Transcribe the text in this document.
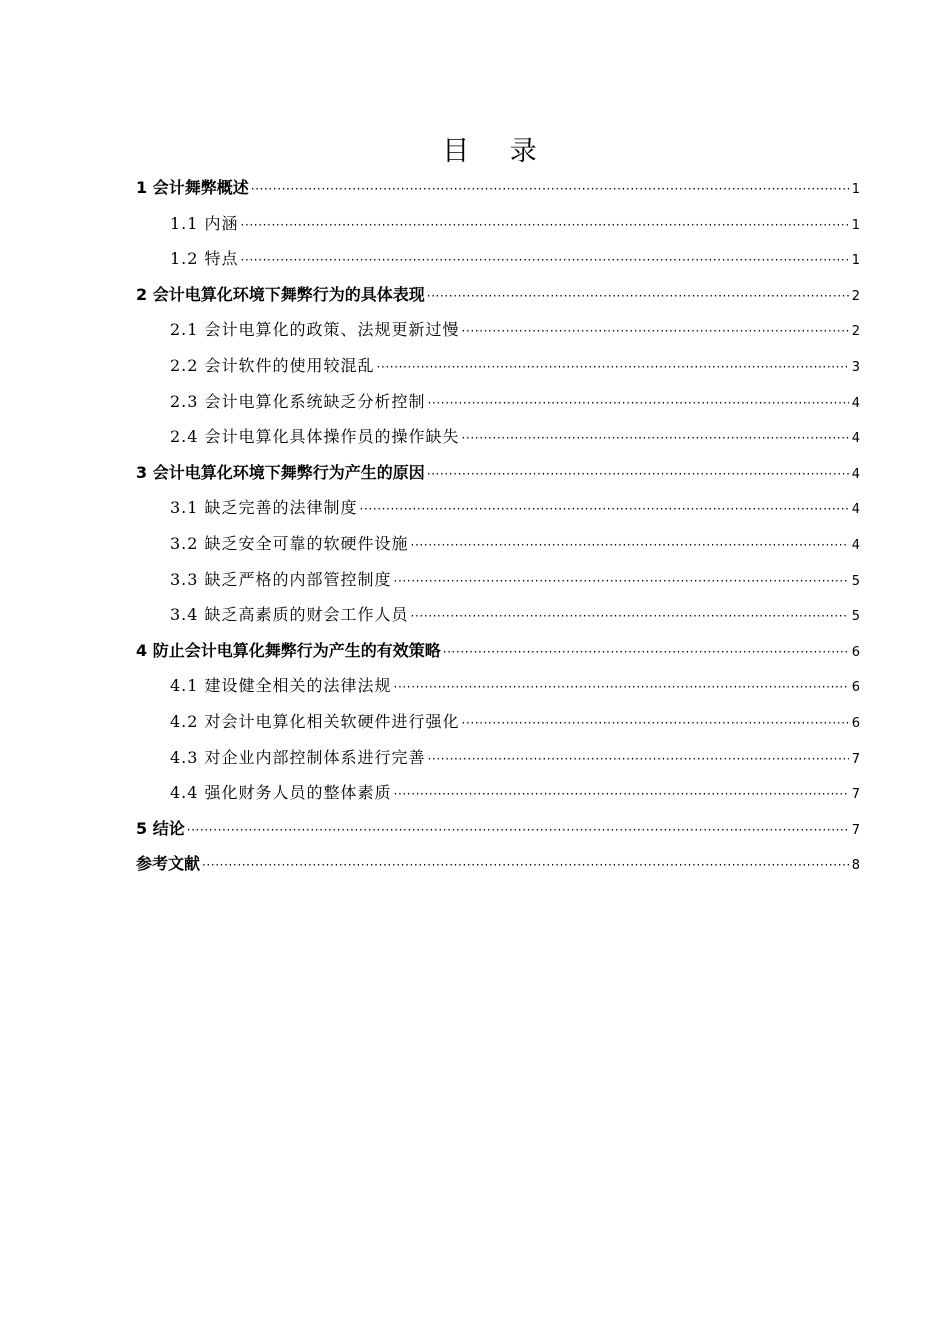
目 录
1 会计舞弊概述 ·····	1
1.1 内涵 ·····	1
1.2 特点 ·····	1
2 会计电算化环境下舞弊行为的具体表现 ·····	2
2.1 会计电算化的政策、法规更新过慢 ·····	2
2.2 会计软件的使用较混乱 ·····	3
2.3 会计电算化系统缺乏分析控制 ·····	4
2.4 会计电算化具体操作员的操作缺失 ·····	4
3 会计电算化环境下舞弊行为产生的原因 ·····	4
3.1 缺乏完善的法律制度 ·····	4
3.2 缺乏安全可靠的软硬件设施 ·····	4
3.3 缺乏严格的内部管控制度 ·····	5
3.4 缺乏高素质的财会工作人员 ·····	5
4 防止会计电算化舞弊行为产生的有效策略 ·····	6
4.1 建设健全相关的法律法规 ·····	6
4.2 对会计电算化相关软硬件进行强化 ·····	6
4.3 对企业内部控制体系进行完善 ·····	7
4.4 强化财务人员的整体素质 ·····	7
5 结论 ·····	7
参考文献 ·····	8
